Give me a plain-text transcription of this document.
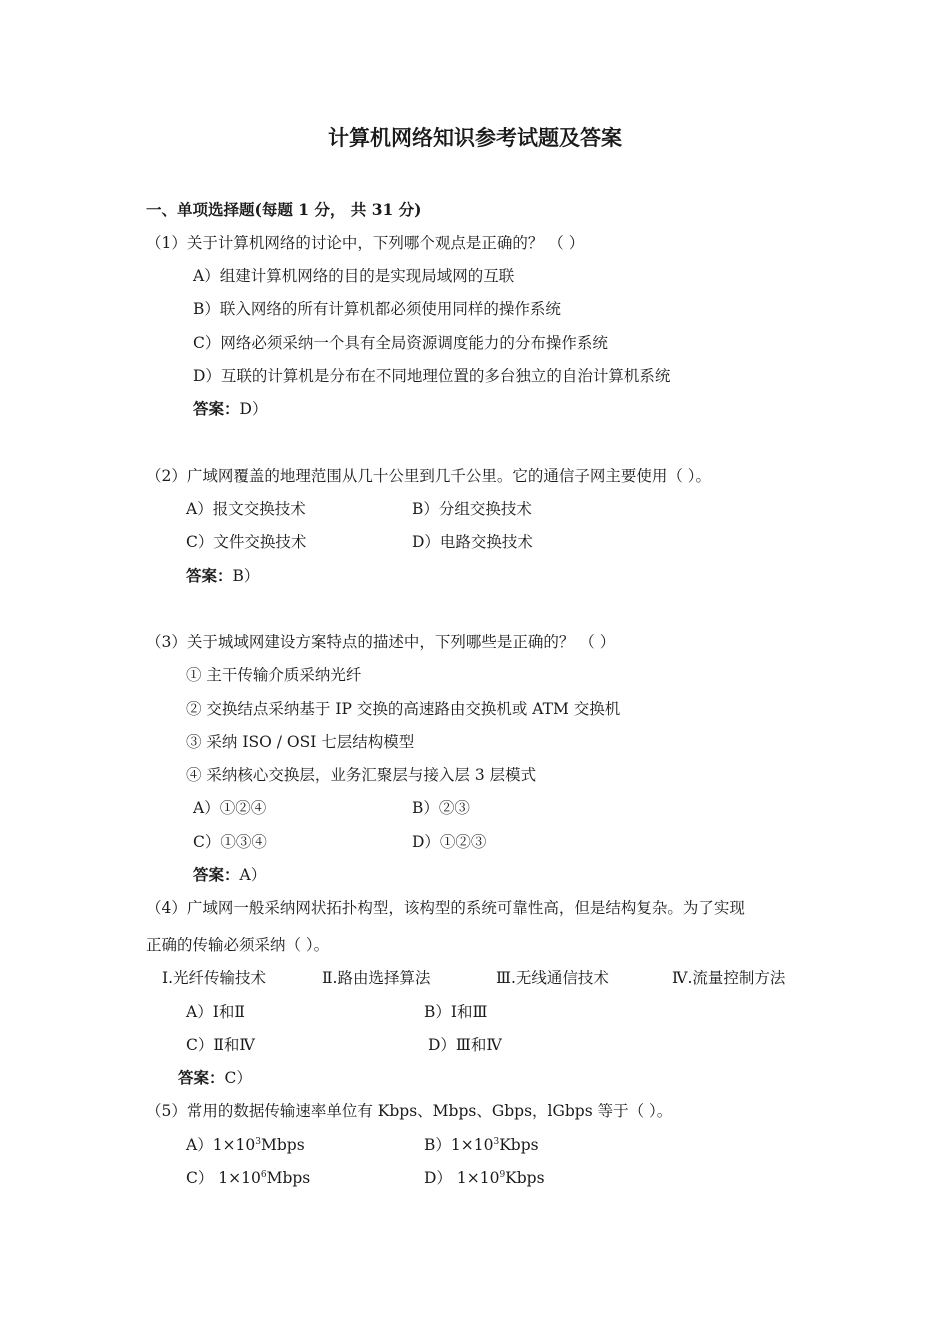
计算机网络知识参考试题及答案
一、单项选择题(每题 1 分， 共 31 分)
（1）关于计算机网络的讨论中，下列哪个观点是正确的？ （ ）
A）组建计算机网络的目的是实现局域网的互联
B）联入网络的所有计算机都必须使用同样的操作系统
C）网络必须采纳一个具有全局资源调度能力的分布操作系统
D）互联的计算机是分布在不同地理位置的多台独立的自治计算机系统
答案：D）
（2）广域网覆盖的地理范围从几十公里到几千公里。它的通信子网主要使用（ ）。
A）报文交换技术	B）分组交换技术
C）文件交换技术	D）电路交换技术
答案：B）
（3）关于城域网建设方案特点的描述中，下列哪些是正确的？ （ ）
① 主干传输介质采纳光纤
② 交换结点采纳基于 IP 交换的高速路由交换机或 ATM 交换机
③ 采纳 ISO / OSI 七层结构模型
④ 采纳核心交换层，业务汇聚层与接入层 3 层模式
A）①②④	B）②③
C）①③④	D）①②③
答案：A）
（4）广域网一般采纳网状拓扑构型，该构型的系统可靠性高，但是结构复杂。为了实现
正确的传输必须采纳（ ）。
Ⅰ.光纤传输技术	Ⅱ.路由选择算法	Ⅲ.无线通信技术	Ⅳ.流量控制方法
A）Ⅰ和Ⅱ	B）Ⅰ和Ⅲ
C）Ⅱ和Ⅳ	D）Ⅲ和Ⅳ
答案：C）
（5）常用的数据传输速率单位有 Kbps、Mbps、Gbps，lGbps 等于（ ）。
$A)1\times 10^3Mbps$	$B)1\times 10^3Kbps$
C） $1\times 10^6Mbps$	D） $1\times 10^9Kbps$
